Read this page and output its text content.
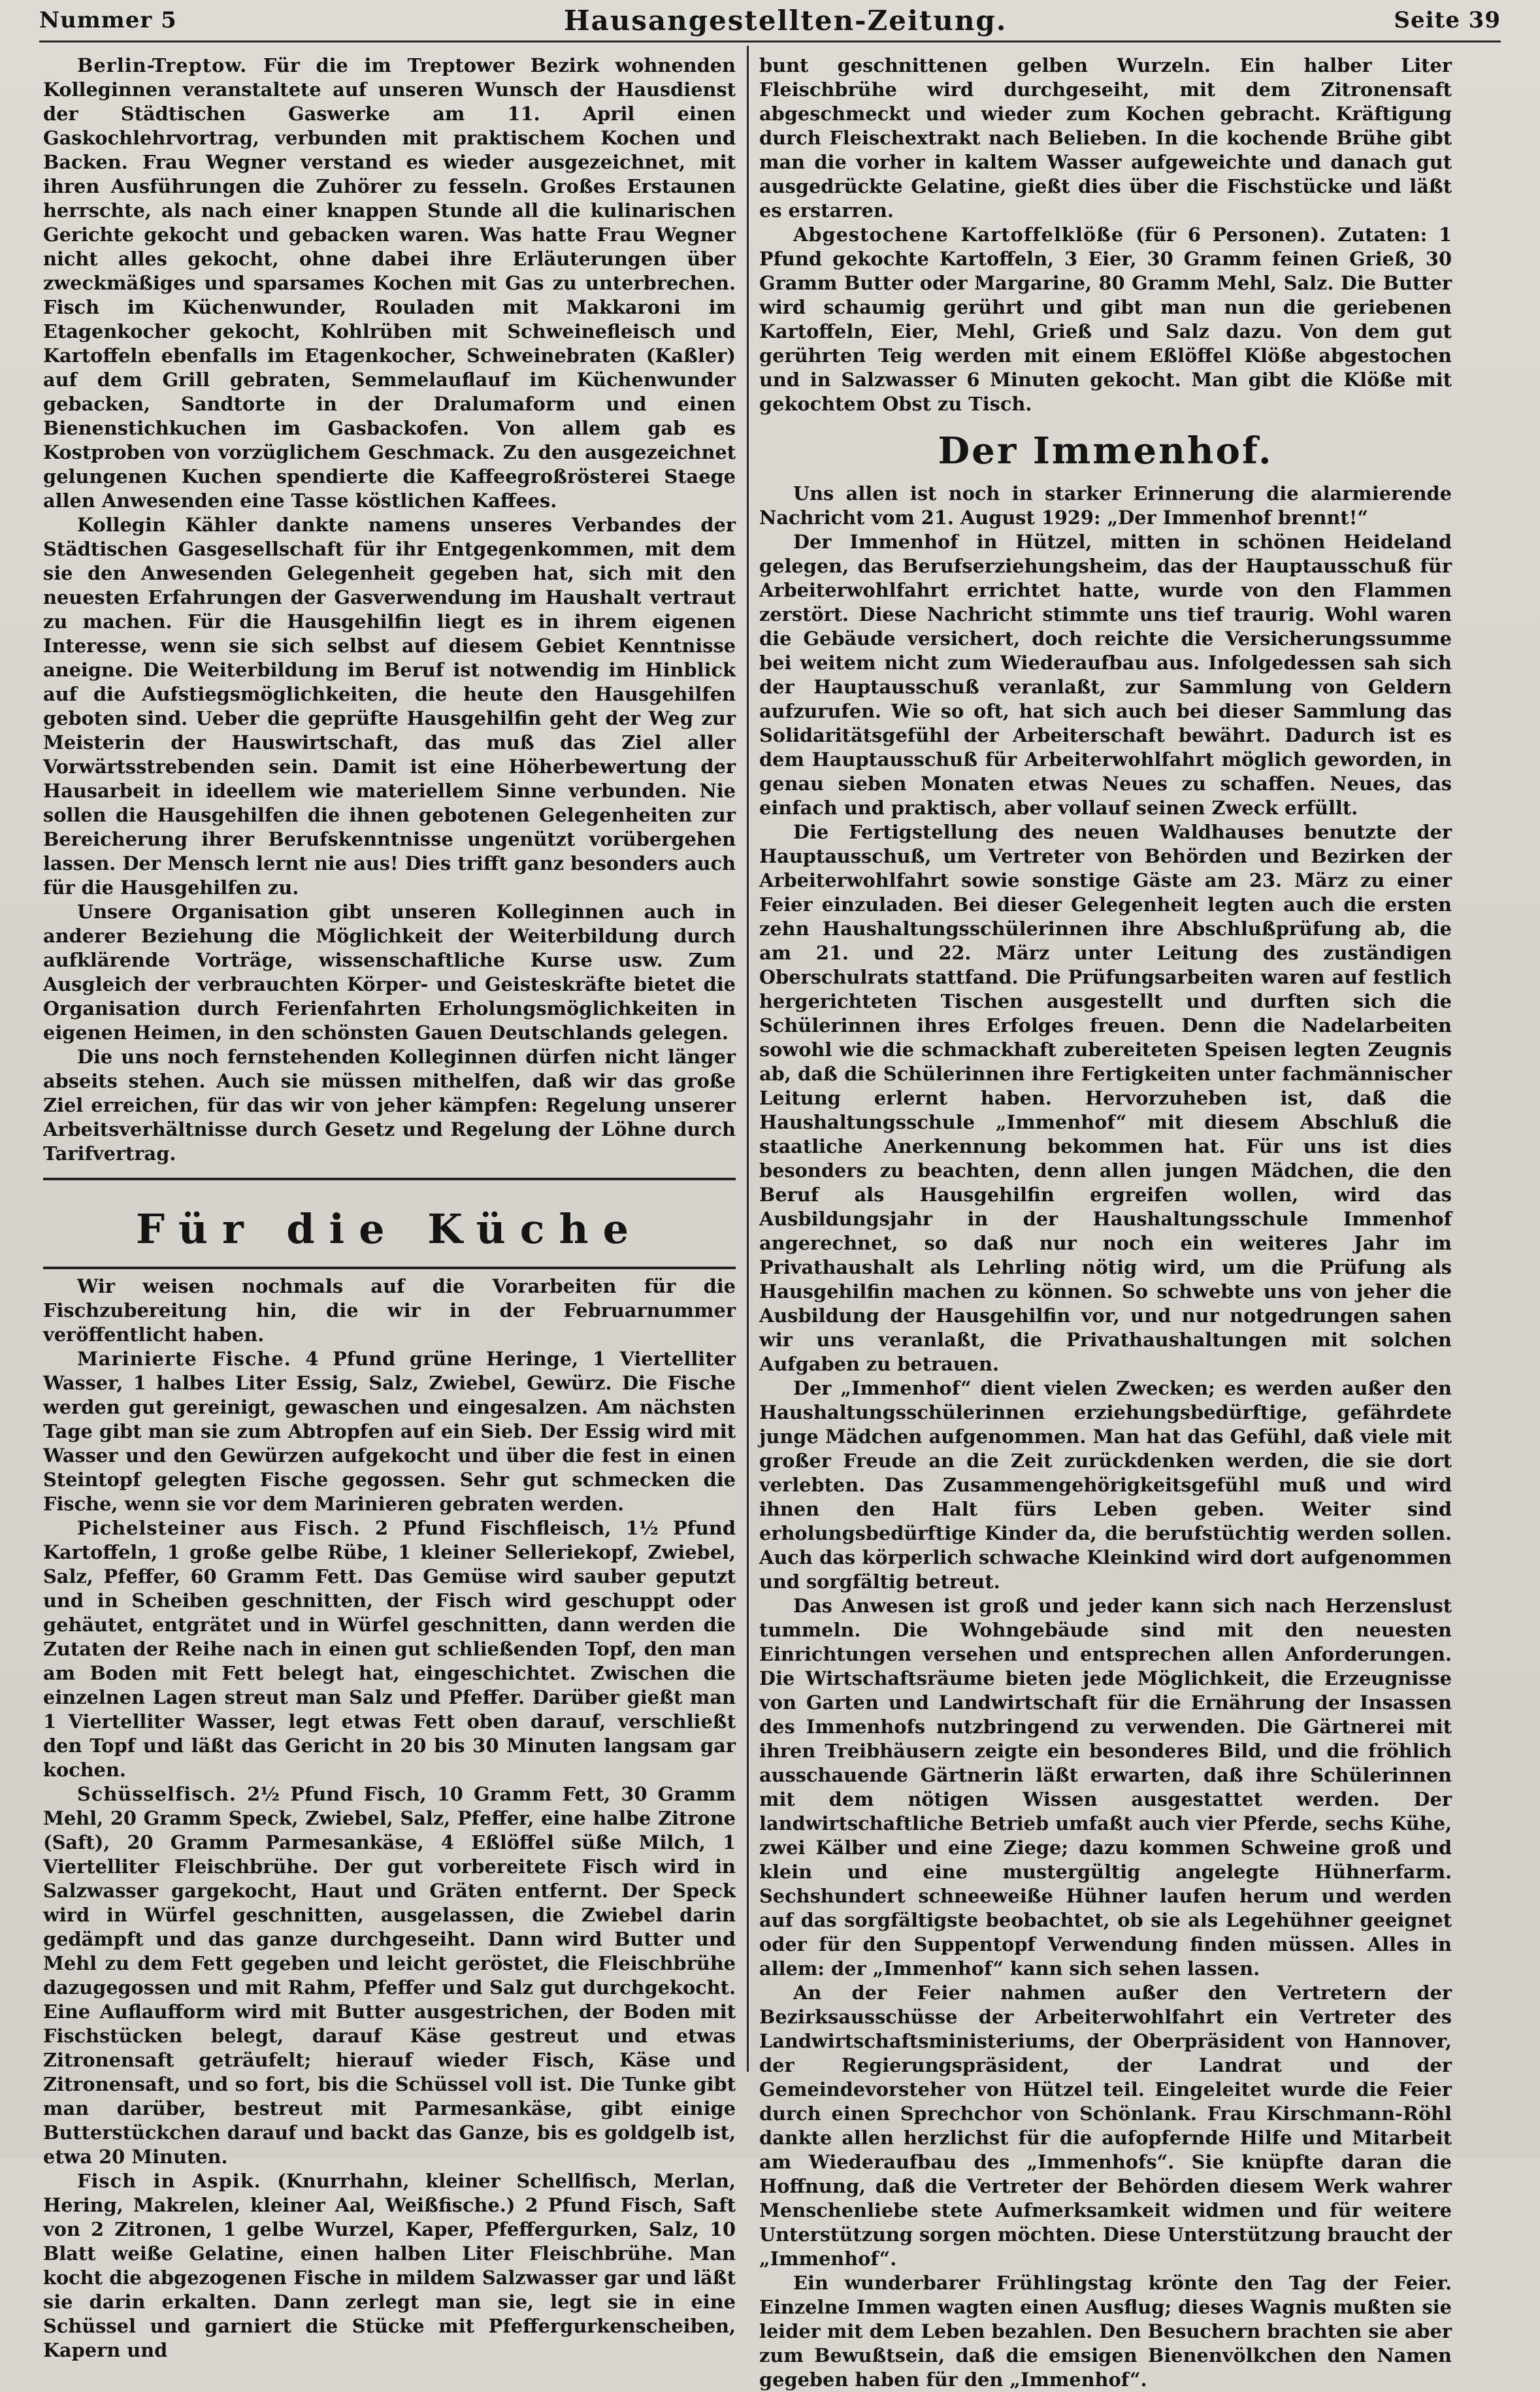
Nummer 5	Hausangestellten-Zeitung.	Seite 39

Berlin-Treptow. Für die im Treptower Bezirk wohnenden Kolleginnen veranstaltete auf unseren Wunsch der Hausdienst der Städtischen Gaswerke am 11. April einen Gaskochlehrvortrag, verbunden mit praktischem Kochen und Backen. Frau Wegner verstand es wieder ausgezeichnet, mit ihren Ausführungen die Zuhörer zu fesseln. Großes Erstaunen herrschte, als nach einer knappen Stunde all die kulinarischen Gerichte gekocht und gebacken waren. Was hatte Frau Wegner nicht alles gekocht, ohne dabei ihre Erläuterungen über zweckmäßiges und sparsames Kochen mit Gas zu unterbrechen. Fisch im Küchenwunder, Rouladen mit Makkaroni im Etagenkocher gekocht, Kohlrüben mit Schweinefleisch und Kartoffeln ebenfalls im Etagenkocher, Schweinebraten (Kaßler) auf dem Grill gebraten, Semmelauflauf im Küchenwunder gebacken, Sandtorte in der Dralumaform und einen Bienenstichkuchen im Gasbackofen. Von allem gab es Kostproben von vorzüglichem Geschmack. Zu den ausgezeichnet gelungenen Kuchen spendierte die Kaffeegroßrösterei Staege allen Anwesenden eine Tasse köstlichen Kaffees.

Kollegin Kähler dankte namens unseres Verbandes der Städtischen Gasgesellschaft für ihr Entgegenkommen, mit dem sie den Anwesenden Gelegenheit gegeben hat, sich mit den neuesten Erfahrungen der Gasverwendung im Haushalt vertraut zu machen. Für die Hausgehilfin liegt es in ihrem eigenen Interesse, wenn sie sich selbst auf diesem Gebiet Kenntnisse aneigne. Die Weiterbildung im Beruf ist notwendig im Hinblick auf die Aufstiegsmöglichkeiten, die heute den Hausgehilfen geboten sind. Ueber die geprüfte Hausgehilfin geht der Weg zur Meisterin der Hauswirtschaft, das muß das Ziel aller Vorwärtsstrebenden sein. Damit ist eine Höherbewertung der Hausarbeit in ideellem wie materiellem Sinne verbunden. Nie sollen die Hausgehilfen die ihnen gebotenen Gelegenheiten zur Bereicherung ihrer Berufskenntnisse ungenützt vorübergehen lassen. Der Mensch lernt nie aus! Dies trifft ganz besonders auch für die Hausgehilfen zu.

Unsere Organisation gibt unseren Kolleginnen auch in anderer Beziehung die Möglichkeit der Weiterbildung durch aufklärende Vorträge, wissenschaftliche Kurse usw. Zum Ausgleich der verbrauchten Körper- und Geisteskräfte bietet die Organisation durch Ferienfahrten Erholungsmöglichkeiten in eigenen Heimen, in den schönsten Gauen Deutschlands gelegen.

Die uns noch fernstehenden Kolleginnen dürfen nicht länger abseits stehen. Auch sie müssen mithelfen, daß wir das große Ziel erreichen, für das wir von jeher kämpfen: Regelung unserer Arbeitsverhältnisse durch Gesetz und Regelung der Löhne durch Tarifvertrag.

Für die Küche

Wir weisen nochmals auf die Vorarbeiten für die Fischzubereitung hin, die wir in der Februarnummer veröffentlicht haben.

Marinierte Fische. 4 Pfund grüne Heringe, 1 Viertelliter Wasser, 1 halbes Liter Essig, Salz, Zwiebel, Gewürz. Die Fische werden gut gereinigt, gewaschen und eingesalzen. Am nächsten Tage gibt man sie zum Abtropfen auf ein Sieb. Der Essig wird mit Wasser und den Gewürzen aufgekocht und über die fest in einen Steintopf gelegten Fische gegossen. Sehr gut schmecken die Fische, wenn sie vor dem Marinieren gebraten werden.

Pichelsteiner aus Fisch. 2 Pfund Fischfleisch, 1½ Pfund Kartoffeln, 1 große gelbe Rübe, 1 kleiner Selleriekopf, Zwiebel, Salz, Pfeffer, 60 Gramm Fett. Das Gemüse wird sauber geputzt und in Scheiben geschnitten, der Fisch wird geschuppt oder gehäutet, entgrätet und in Würfel geschnitten, dann werden die Zutaten der Reihe nach in einen gut schließenden Topf, den man am Boden mit Fett belegt hat, eingeschichtet. Zwischen die einzelnen Lagen streut man Salz und Pfeffer. Darüber gießt man 1 Viertelliter Wasser, legt etwas Fett oben darauf, verschließt den Topf und läßt das Gericht in 20 bis 30 Minuten langsam gar kochen.

Schüsselfisch. 2½ Pfund Fisch, 10 Gramm Fett, 30 Gramm Mehl, 20 Gramm Speck, Zwiebel, Salz, Pfeffer, eine halbe Zitrone (Saft), 20 Gramm Parmesankäse, 4 Eßlöffel süße Milch, 1 Viertelliter Fleischbrühe. Der gut vorbereitete Fisch wird in Salzwasser gargekocht, Haut und Gräten entfernt. Der Speck wird in Würfel geschnitten, ausgelassen, die Zwiebel darin gedämpft und das ganze durchgeseiht. Dann wird Butter und Mehl zu dem Fett gegeben und leicht geröstet, die Fleischbrühe dazugegossen und mit Rahm, Pfeffer und Salz gut durchgekocht. Eine Auflaufform wird mit Butter ausgestrichen, der Boden mit Fischstücken belegt, darauf Käse gestreut und etwas Zitronensaft geträufelt; hierauf wieder Fisch, Käse und Zitronensaft, und so fort, bis die Schüssel voll ist. Die Tunke gibt man darüber, bestreut mit Parmesankäse, gibt einige Butterstückchen darauf und backt das Ganze, bis es goldgelb ist, etwa 20 Minuten.

Fisch in Aspik. (Knurrhahn, kleiner Schellfisch, Merlan, Hering, Makrelen, kleiner Aal, Weißfische.) 2 Pfund Fisch, Saft von 2 Zitronen, 1 gelbe Wurzel, Kaper, Pfeffergurken, Salz, 10 Blatt weiße Gelatine, einen halben Liter Fleischbrühe. Man kocht die abgezogenen Fische in mildem Salzwasser gar und läßt sie darin erkalten. Dann zerlegt man sie, legt sie in eine Schüssel und garniert die Stücke mit Pfeffergurkenscheiben, Kapern und

bunt geschnittenen gelben Wurzeln. Ein halber Liter Fleischbrühe wird durchgeseiht, mit dem Zitronensaft abgeschmeckt und wieder zum Kochen gebracht. Kräftigung durch Fleischextrakt nach Belieben. In die kochende Brühe gibt man die vorher in kaltem Wasser aufgeweichte und danach gut ausgedrückte Gelatine, gießt dies über die Fischstücke und läßt es erstarren.

Abgestochene Kartoffelklöße (für 6 Personen). Zutaten: 1 Pfund gekochte Kartoffeln, 3 Eier, 30 Gramm feinen Grieß, 30 Gramm Butter oder Margarine, 80 Gramm Mehl, Salz. Die Butter wird schaumig gerührt und gibt man nun die geriebenen Kartoffeln, Eier, Mehl, Grieß und Salz dazu. Von dem gut gerührten Teig werden mit einem Eßlöffel Klöße abgestochen und in Salzwasser 6 Minuten gekocht. Man gibt die Klöße mit gekochtem Obst zu Tisch.

Der Immenhof.

Uns allen ist noch in starker Erinnerung die alarmierende Nachricht vom 21. August 1929: „Der Immenhof brennt!“

Der Immenhof in Hützel, mitten in schönen Heideland gelegen, das Berufserziehungsheim, das der Hauptausschuß für Arbeiterwohlfahrt errichtet hatte, wurde von den Flammen zerstört. Diese Nachricht stimmte uns tief traurig. Wohl waren die Gebäude versichert, doch reichte die Versicherungssumme bei weitem nicht zum Wiederaufbau aus. Infolgedessen sah sich der Hauptausschuß veranlaßt, zur Sammlung von Geldern aufzurufen. Wie so oft, hat sich auch bei dieser Sammlung das Solidaritätsgefühl der Arbeiterschaft bewährt. Dadurch ist es dem Hauptausschuß für Arbeiterwohlfahrt möglich geworden, in genau sieben Monaten etwas Neues zu schaffen. Neues, das einfach und praktisch, aber vollauf seinen Zweck erfüllt.

Die Fertigstellung des neuen Waldhauses benutzte der Hauptausschuß, um Vertreter von Behörden und Bezirken der Arbeiterwohlfahrt sowie sonstige Gäste am 23. März zu einer Feier einzuladen. Bei dieser Gelegenheit legten auch die ersten zehn Haushaltungsschülerinnen ihre Abschlußprüfung ab, die am 21. und 22. März unter Leitung des zuständigen Oberschulrats stattfand. Die Prüfungsarbeiten waren auf festlich hergerichteten Tischen ausgestellt und durften sich die Schülerinnen ihres Erfolges freuen. Denn die Nadelarbeiten sowohl wie die schmackhaft zubereiteten Speisen legten Zeugnis ab, daß die Schülerinnen ihre Fertigkeiten unter fachmännischer Leitung erlernt haben. Hervorzuheben ist, daß die Haushaltungsschule „Immenhof“ mit diesem Abschluß die staatliche Anerkennung bekommen hat. Für uns ist dies besonders zu beachten, denn allen jungen Mädchen, die den Beruf als Hausgehilfin ergreifen wollen, wird das Ausbildungsjahr in der Haushaltungsschule Immenhof angerechnet, so daß nur noch ein weiteres Jahr im Privathaushalt als Lehrling nötig wird, um die Prüfung als Hausgehilfin machen zu können. So schwebte uns von jeher die Ausbildung der Hausgehilfin vor, und nur notgedrungen sahen wir uns veranlaßt, die Privathaushaltungen mit solchen Aufgaben zu betrauen.

Der „Immenhof“ dient vielen Zwecken; es werden außer den Haushaltungsschülerinnen erziehungsbedürftige, gefährdete junge Mädchen aufgenommen. Man hat das Gefühl, daß viele mit großer Freude an die Zeit zurückdenken werden, die sie dort verlebten. Das Zusammengehörigkeitsgefühl muß und wird ihnen den Halt fürs Leben geben. Weiter sind erholungsbedürftige Kinder da, die berufstüchtig werden sollen. Auch das körperlich schwache Kleinkind wird dort aufgenommen und sorgfältig betreut.

Das Anwesen ist groß und jeder kann sich nach Herzenslust tummeln. Die Wohngebäude sind mit den neuesten Einrichtungen versehen und entsprechen allen Anforderungen. Die Wirtschaftsräume bieten jede Möglichkeit, die Erzeugnisse von Garten und Landwirtschaft für die Ernährung der Insassen des Immenhofs nutzbringend zu verwenden. Die Gärtnerei mit ihren Treibhäusern zeigte ein besonderes Bild, und die fröhlich ausschauende Gärtnerin läßt erwarten, daß ihre Schülerinnen mit dem nötigen Wissen ausgestattet werden. Der landwirtschaftliche Betrieb umfaßt auch vier Pferde, sechs Kühe, zwei Kälber und eine Ziege; dazu kommen Schweine groß und klein und eine mustergültig angelegte Hühnerfarm. Sechshundert schneeweiße Hühner laufen herum und werden auf das sorgfältigste beobachtet, ob sie als Legehühner geeignet oder für den Suppentopf Verwendung finden müssen. Alles in allem: der „Immenhof“ kann sich sehen lassen.

An der Feier nahmen außer den Vertretern der Bezirksausschüsse der Arbeiterwohlfahrt ein Vertreter des Landwirtschaftsministeriums, der Oberpräsident von Hannover, der Regierungspräsident, der Landrat und der Gemeindevorsteher von Hützel teil. Eingeleitet wurde die Feier durch einen Sprechchor von Schönlank. Frau Kirschmann-Röhl dankte allen herzlichst für die aufopfernde Hilfe und Mitarbeit am Wiederaufbau des „Immenhofs“. Sie knüpfte daran die Hoffnung, daß die Vertreter der Behörden diesem Werk wahrer Menschenliebe stete Aufmerksamkeit widmen und für weitere Unterstützung sorgen möchten. Diese Unterstützung braucht der „Immenhof“.

Ein wunderbarer Frühlingstag krönte den Tag der Feier. Einzelne Immen wagten einen Ausflug; dieses Wagnis mußten sie leider mit dem Leben bezahlen. Den Besuchern brachten sie aber zum Bewußtsein, daß die emsigen Bienenvölkchen den Namen gegeben haben für den „Immenhof“.
